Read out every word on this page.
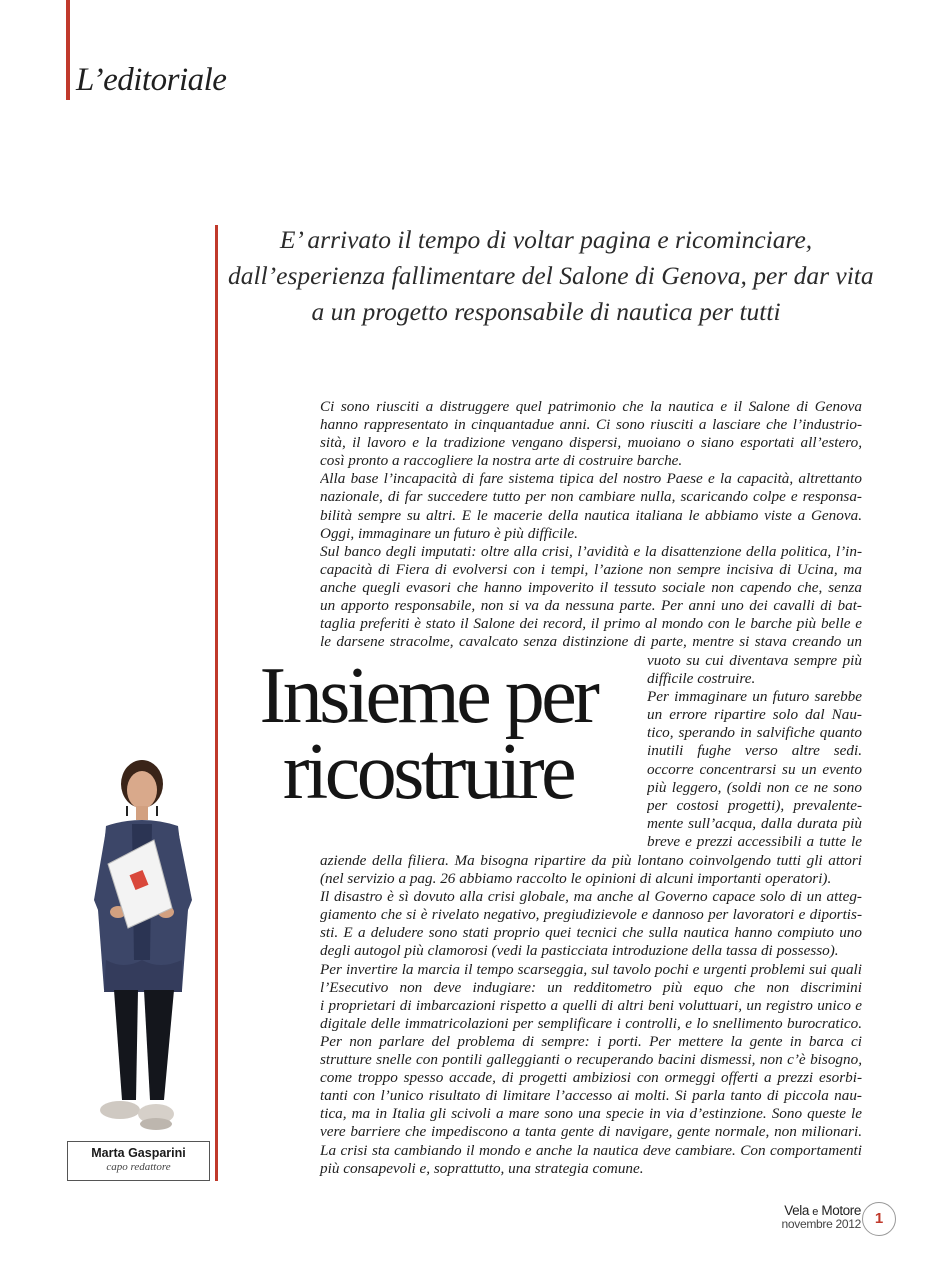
L’editoriale
E’ arrivato il tempo di voltar pagina e ricominciare,
dall’esperienza fallimentare del Salone di Genova, per dar vita
a un progetto responsabile di nautica per tutti
Ci sono riusciti a distruggere quel patrimonio che la nautica e il Salone di Genova
hanno rappresentato in cinquantadue anni. Ci sono riusciti a lasciare che l’industrio-
sità, il lavoro e la tradizione vengano dispersi, muoiano o siano esportati all’estero,
così pronto a raccogliere la nostra arte di costruire barche.
Alla base l’incapacità di fare sistema tipica del nostro Paese e la capacità, altrettanto
nazionale, di far succedere tutto per non cambiare nulla, scaricando colpe e responsa-
bilità sempre su altri. E le macerie della nautica italiana le abbiamo viste a Genova.
Oggi, immaginare un futuro è più difficile.
Sul banco degli imputati: oltre alla crisi, l’avidità e la disattenzione della politica, l’in-
capacità di Fiera di evolversi con i tempi, l’azione non sempre incisiva di Ucina, ma
anche quegli evasori che hanno impoverito il tessuto sociale non capendo che, senza
un apporto responsabile, non si va da nessuna parte. Per anni uno dei cavalli di bat-
taglia preferiti è stato il Salone dei record, il primo al mondo con le barche più belle e
le darsene stracolme, cavalcato senza distinzione di parte, mentre si stava creando un
Insieme per
ricostruire
vuoto su cui diventava sempre più
difficile costruire.
Per immaginare un futuro sarebbe
un errore ripartire solo dal Nau-
tico, sperando in salvifiche quanto
inutili fughe verso altre sedi.
occorre concentrarsi su un evento
più leggero, (soldi non ce ne sono
per costosi progetti), prevalente-
mente sull’acqua, dalla durata più
breve e prezzi accessibili a tutte le
aziende della filiera. Ma bisogna ripartire da più lontano coinvolgendo tutti gli attori
(nel servizio a pag. 26 abbiamo raccolto le opinioni di alcuni importanti operatori).
Il disastro è sì dovuto alla crisi globale, ma anche al Governo capace solo di un atteg-
giamento che si è rivelato negativo, pregiudizievole e dannoso per lavoratori e diportis-
sti. E a deludere sono stati proprio quei tecnici che sulla nautica hanno compiuto uno
degli autogol più clamorosi (vedi la pasticciata introduzione della tassa di possesso).
Per invertire la marcia il tempo scarseggia, sul tavolo pochi e urgenti problemi sui quali
l’Esecutivo non deve indugiare: un redditometro più equo che non discrimini
i proprietari di imbarcazioni rispetto a quelli di altri beni voluttuari, un registro unico e
digitale delle immatricolazioni per semplificare i controlli, e lo snellimento burocratico.
Per non parlare del problema di sempre: i porti. Per mettere la gente in barca ci
strutture snelle con pontili galleggianti o recuperando bacini dismessi, non c’è bisogno,
come troppo spesso accade, di progetti ambiziosi con ormeggi offerti a prezzi esorbi-
tanti con l’unico risultato di limitare l’accesso ai molti. Si parla tanto di piccola nau-
tica, ma in Italia gli scivoli a mare sono una specie in via d’estinzione. Sono queste le
vere barriere che impediscono a tanta gente di navigare, gente normale, non milionari.
La crisi sta cambiando il mondo e anche la nautica deve cambiare. Con comportamenti
più consapevoli e, soprattutto, una strategia comune.
Marta Gasparini
capo redattore
Vela e Motore
novembre 2012 1
